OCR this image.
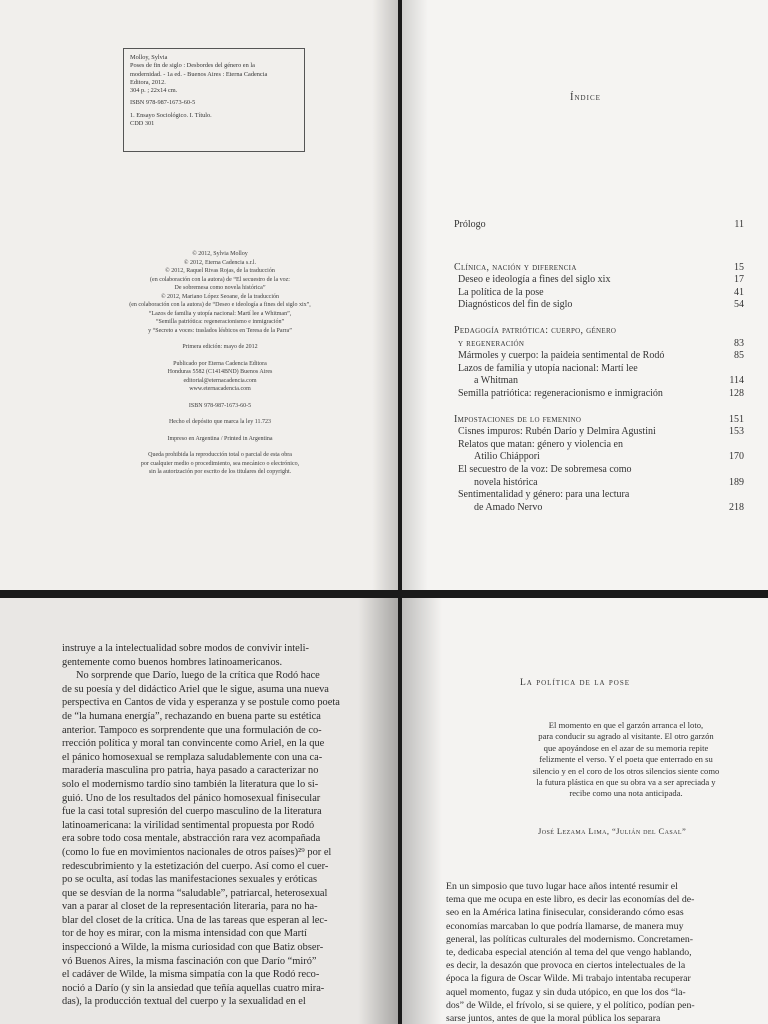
Molloy, Sylvia
Poses de fin de siglo : Desbordes del género en la
modernidad. - 1a ed. - Buenos Aires : Eterna Cadencia
Editora, 2012.
304 p. ; 22x14 cm.

ISBN 978-987-1673-60-5

1. Ensayo Sociológico. I. Título.
CDD 301
© 2012, Sylvia Molloy
© 2012, Eterna Cadencia s.r.l.
© 2012, Raquel Rivas Rojas, de la traducción
(en colaboración con la autora) de “El secuestro de la voz:
De sobremesa como novela histórica”
© 2012, Mariano López Seoane, de la traducción
(en colaboración con la autora) de “Deseo e ideología a fines del siglo xix”,
“Lazos de familia y utopía nacional: Martí lee a Whitman”,
“Semilla patriótica: regeneracionismo e inmigración”
y “Secreto a voces: traslados lésbicos en Teresa de la Parra”
Primera edición: mayo de 2012
Publicado por Eterna Cadencia Editora
Honduras 5582 (C1414BND) Buenos Aires
editorial@eternacadencia.com
www.eternacadencia.com
ISBN 978-987-1673-60-5
Hecho el depósito que marca la ley 11.723
Impreso en Argentina / Printed in Argentina
Queda prohibida la reproducción total o parcial de esta obra
por cualquier medio o procedimiento, sea mecánico o electrónico,
sin la autorización por escrito de los titulares del copyright.
Índice
Prólogo	11
Clínica, nación y diferencia	15
Deseo e ideología a fines del siglo xix	17
La política de la pose	41
Diagnósticos del fin de siglo	54
Pedagogía patriótica: cuerpo, género
y regeneración	83
Mármoles y cuerpo: la paideia sentimental de Rodó	85
Lazos de familia y utopía nacional: Martí lee
a Whitman	114
Semilla patriótica: regeneracionismo e inmigración	128
Impostaciones de lo femenino	151
Cisnes impuros: Rubén Darío y Delmira Agustini	153
Relatos que matan: género y violencia en
Atilio Chiáppori	170
El secuestro de la voz: De sobremesa como
novela histórica	189
Sentimentalidad y género: para una lectura
de Amado Nervo	218
instruye a la intelectualidad sobre modos de convivir inteli-
gentemente como buenos hombres latinoamericanos.
No sorprende que Darío, luego de la crítica que Rodó hace
de su poesía y del didáctico Ariel que le sigue, asuma una nueva
perspectiva en Cantos de vida y esperanza y se postule como poeta
de “la humana energía”, rechazando en buena parte su estética
anterior. Tampoco es sorprendente que una formulación de co-
rrección política y moral tan convincente como Ariel, en la que
el pánico homosexual se remplaza saludablemente con una ca-
maradería masculina pro patria, haya pasado a caracterizar no
solo el modernismo tardío sino también la literatura que lo si-
guió. Uno de los resultados del pánico homosexual finisecular
fue la casi total supresión del cuerpo masculino de la literatura
latinoamericana: la virilidad sentimental propuesta por Rodó
era sobre todo cosa mentale, abstracción rara vez acompañada
(como lo fue en movimientos nacionales de otros países)²⁹ por el
redescubrimiento y la estetización del cuerpo. Así como el cuer-
po se oculta, así todas las manifestaciones sexuales y eróticas
que se desvían de la norma “saludable”, patriarcal, heterosexual
van a parar al closet de la representación literaria, para no ha-
blar del closet de la crítica. Una de las tareas que esperan al lec-
tor de hoy es mirar, con la misma intensidad con que Martí
inspeccionó a Wilde, la misma curiosidad con que Batiz obser-
vó Buenos Aires, la misma fascinación con que Darío “miró”
el cadáver de Wilde, la misma simpatía con la que Rodó reco-
noció a Darío (y sin la ansiedad que teñía aquellas cuatro mira-
das), la producción textual del cuerpo y la sexualidad en el
La política de la pose
El momento en que el garzón arranca el loto,
para conducir su agrado al visitante. El otro garzón
que apoyándose en el azar de su memoria repite
felizmente el verso. Y el poeta que enterrado en su
silencio y en el coro de los otros silencios siente como
la futura plástica en que su obra va a ser apreciada y
recibe como una nota anticipada.
José Lezama Lima, “Julián del Casal”
En un simposio que tuvo lugar hace años intenté resumir el
tema que me ocupa en este libro, es decir las economías del de-
seo en la América latina finisecular, considerando cómo esas
economías marcaban lo que podría llamarse, de manera muy
general, las políticas culturales del modernismo. Concretamen-
te, dedicaba especial atención al tema del que vengo hablando,
es decir, la desazón que provoca en ciertos intelectuales de la
época la figura de Oscar Wilde. Mi trabajo intentaba recuperar
aquel momento, fugaz y sin duda utópico, en que los dos “la-
dos” de Wilde, el frívolo, si se quiere, y el político, podían pen-
sarse juntos, antes de que la moral pública los separara
